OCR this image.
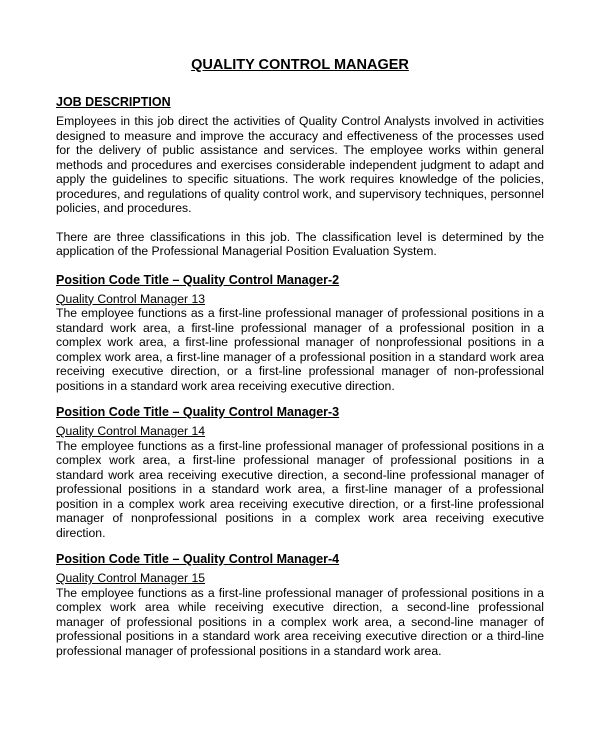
QUALITY CONTROL MANAGER

JOB DESCRIPTION

Employees in this job direct the activities of Quality Control Analysts involved in activities designed to measure and improve the accuracy and effectiveness of the processes used for the delivery of public assistance and services. The employee works within general methods and procedures and exercises considerable independent judgment to adapt and apply the guidelines to specific situations. The work requires knowledge of the policies, procedures, and regulations of quality control work, and supervisory techniques, personnel policies, and procedures.

There are three classifications in this job. The classification level is determined by the application of the Professional Managerial Position Evaluation System.

Position Code Title – Quality Control Manager-2

Quality Control Manager 13

The employee functions as a first-line professional manager of professional positions in a standard work area, a first-line professional manager of a professional position in a complex work area, a first-line professional manager of nonprofessional positions in a complex work area, a first-line manager of a professional position in a standard work area receiving executive direction, or a first-line professional manager of non-professional positions in a standard work area receiving executive direction.

Position Code Title – Quality Control Manager-3

Quality Control Manager 14

The employee functions as a first-line professional manager of professional positions in a complex work area, a first-line professional manager of professional positions in a standard work area receiving executive direction, a second-line professional manager of professional positions in a standard work area, a first-line manager of a professional position in a complex work area receiving executive direction, or a first-line professional manager of nonprofessional positions in a complex work area receiving executive direction.

Position Code Title – Quality Control Manager-4

Quality Control Manager 15

The employee functions as a first-line professional manager of professional positions in a complex work area while receiving executive direction, a second-line professional manager of professional positions in a complex work area, a second-line manager of professional positions in a standard work area receiving executive direction or a third-line professional manager of professional positions in a standard work area.
